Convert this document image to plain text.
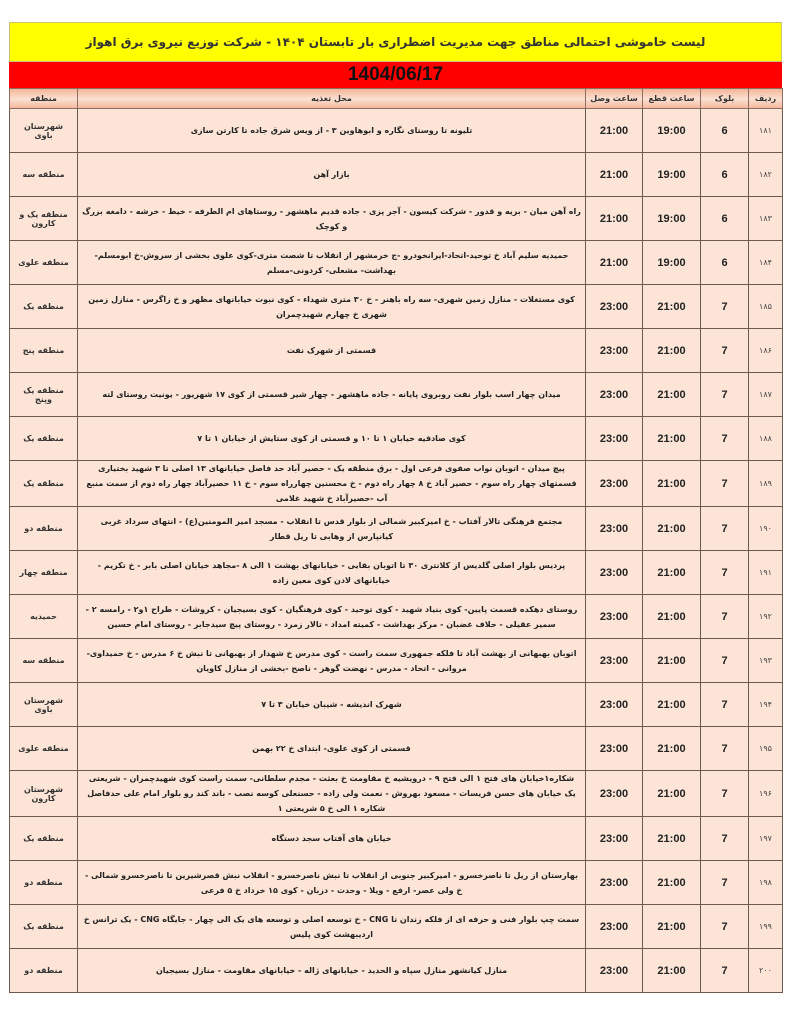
لیست خاموشی احتمالی مناطق جهت مدیریت اضطراری بار تابستان ۱۴۰۴ - شرکت توزیع نیروی برق اهواز
1404/06/17
ردیف	بلوک	ساعت قطع	ساعت وصل	محل تغذیه	منطقه
۱۸۱	6	19:00	21:00	تلیونه تا روستای نگاره و ابوهاوین ۳ - از ویس شرق جاده تا کارتن سازی	شهرستان باوی
۱۸۲	6	19:00	21:00	بازار آهن	منطقه سه
۱۸۳	6	19:00	21:00	راه آهن میان - بریه و قدور - شرکت کیسون - آجر پزی - جاده قدیم ماهشهر - روستاهای ام الطرفه - خیط - خرشه - دامغه بزرگ و کوچک	منطقه یک و کارون
۱۸۴	6	19:00	21:00	حمیدیه سلیم آباد خ توحید-اتحاد-ایرانخودرو -ج خرمشهر از انقلاب تا شصت متری-کوی علوی بخشی از سروش-خ ابومسلم- بهداشت- مشعلی- کردونی-مسلم	منطقه علوی
۱۸۵	7	21:00	23:00	کوی مستغلات - منازل زمین شهری- سه راه باهنر - خ ۳۰ متری شهداء - کوی نبوت خیابانهای مظهر و خ زاگرس - منازل زمین شهری خ چهارم شهیدچمران	منطقه یک
۱۸۶	7	21:00	23:00	قسمتی از شهرک نفت	منطقه پنج
۱۸۷	7	21:00	23:00	میدان چهار اسب بلوار نفت روبروی پایانه - جاده ماهشهر - چهار شیر قسمتی از کوی ۱۷ شهریور - یونیت روستای لته	منطقه یک وپنج
۱۸۸	7	21:00	23:00	کوی صادقیه خیابان ۱ تا ۱۰ و قسمتی از کوی ستایش از خیابان ۱ تا ۷	منطقه یک
۱۸۹	7	21:00	23:00	پیچ میدان - اتوبان نواب صفوی فرعی اول - برق منطقه یک - حصیر آباد حد فاصل خیابانهای ۱۳ اصلی تا ۳ شهید بختیاری قسمتهای چهار راه سوم - حصیر آباد خ ۸ چهار راه دوم - خ محسنین چهارراه سوم - خ ۱۱ حصیرآباد چهار راه دوم از سمت منبع آب -حصیرآباد خ شهید غلامی	منطقه یک
۱۹۰	7	21:00	23:00	مجتمع فرهنگی تالار آفتاب - خ امیرکبیر شمالی از بلوار قدس تا انقلاب - مسجد امیر المومنین(ع) - انتهای سرداد غربی کیانپارس از وهابی تا ریل قطار	منطقه دو
۱۹۱	7	21:00	23:00	پردیس بلوار اصلی گلدیس از کلانتری ۳۰ تا اتوبان بقایی - خیابانهای بهشت ۱ الی ۸ -مجاهد خیابان اصلی بابر - خ تکریم - خیابانهای لادن کوی معین زاده	منطقه چهار
۱۹۲	7	21:00	23:00	روستای دهکده قسمت پایین- کوی بنیاد شهید - کوی توحید - کوی فرهنگیان - کوی بسیجیان - کروشات - طراح ۱و۲ - رامسه ۲ - سمیر عقیلی - حلاف غضبان - مرکز بهداشت - کمیته امداد - تالار زمرد - روستای پیچ سیدجابر - روستای امام حسین	حمیدیه
۱۹۳	7	21:00	23:00	اتوبان بهبهانی از بهشت آباد تا فلکه جمهوری سمت راست - کوی مدرس خ شهدار از بهبهانی تا نبش خ ۶ مدرس - خ حمیداوی- مروانی - اتحاد - مدرس - نهضت گوهر - ناصح -بخشی از منازل کاویان	منطقه سه
۱۹۴	7	21:00	23:00	شهرک اندیشه - شیبان خیابان ۳ تا ۷	شهرستان باوی
۱۹۵	7	21:00	23:00	قسمتی از کوی علوی- ابتدای خ ۲۲ بهمن	منطقه علوی
۱۹۶	7	21:00	23:00	شکاره۱خیابان های فتح ۱ الی فتح ۹ - درویشیه خ مقاومت خ بعثت - مجدم سلطانی- سمت راست کوی شهیدچمران - شریعتی یک خیابان های حسن فریسات - مسعود بهروش - نعمت ولی زاده - حسنعلی کوسه نصب - باند کند رو بلوار امام علی حدفاصل شکاره ۱ الی خ ۵ شریعتی ۱	شهرستان کارون
۱۹۷	7	21:00	23:00	خیابان های آفتاب سجد دستگاه	منطقه یک
۱۹۸	7	21:00	23:00	بهارستان از ریل تا ناصرخسرو - امیرکبیر جنوبی از انقلاب تا نبش ناصرخسرو - انقلاب نبش قصرشیرین تا ناصرخسرو شمالی - خ ولی عصر- ارفع - ویلا - وحدت - دزبان - کوی ۱۵ خرداد خ ۵ فرعی	منطقه دو
۱۹۹	7	21:00	23:00	سمت چپ بلوار فنی و حرفه ای از فلکه زندان تا CNG - خ توسعه اصلی و توسعه های یک الی چهار - جایگاه CNG - یک ترانس خ اردیبهشت کوی پلیس	منطقه یک
۲۰۰	7	21:00	23:00	منازل کیانشهر منازل سپاه و الحدید - خیابانهای ژاله - خیابانهای مقاومت - منازل بسیجیان	منطقه دو
